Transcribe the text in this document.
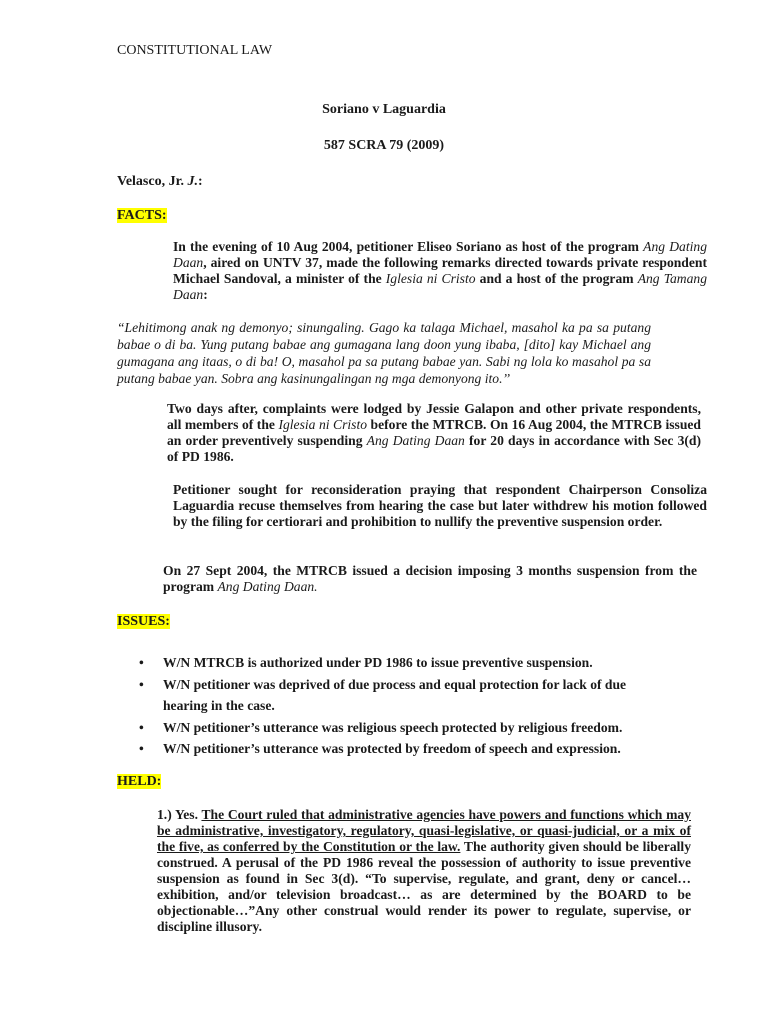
CONSTITUTIONAL LAW
Soriano v Laguardia
587 SCRA 79 (2009)
Velasco, Jr. J.:
FACTS:
In the evening of 10 Aug 2004, petitioner Eliseo Soriano as host of the program Ang Dating Daan, aired on UNTV 37, made the following remarks directed towards private respondent Michael Sandoval, a minister of the Iglesia ni Cristo and a host of the program Ang Tamang Daan:
“Lehitimong anak ng demonyo; sinungaling. Gago ka talaga Michael, masahol ka pa sa putang babae o di ba. Yung putang babae ang gumagana lang doon yung ibaba, [dito] kay Michael ang gumagana ang itaas, o di ba! O, masahol pa sa putang babae yan. Sabi ng lola ko masahol pa sa putang babae yan. Sobra ang kasinungalingan ng mga demonyong ito.’’
Two days after, complaints were lodged by Jessie Galapon and other private respondents, all members of the Iglesia ni Cristo before the MTRCB. On 16 Aug 2004, the MTRCB issued an order preventively suspending Ang Dating Daan for 20 days in accordance with Sec 3(d) of PD 1986.
Petitioner sought for reconsideration praying that respondent Chairperson Consoliza Laguardia recuse themselves from hearing the case but later withdrew his motion followed by the filing for certiorari and prohibition to nullify the preventive suspension order.
On 27 Sept 2004, the MTRCB issued a decision imposing 3 months suspension from the program Ang Dating Daan.
ISSUES:
• W/N MTRCB is authorized under PD 1986 to issue preventive suspension.
• W/N petitioner was deprived of due process and equal protection for lack of due hearing in the case.
• W/N petitioner’s utterance was religious speech protected by religious freedom.
• W/N petitioner’s utterance was protected by freedom of speech and expression.
HELD:
1.) Yes. The Court ruled that administrative agencies have powers and functions which may be administrative, investigatory, regulatory, quasi-legislative, or quasi-judicial, or a mix of the five, as conferred by the Constitution or the law. The authority given should be liberally construed. A perusal of the PD 1986 reveal the possession of authority to issue preventive suspension as found in Sec 3(d). “To supervise, regulate, and grant, deny or cancel… exhibition, and/or television broadcast… as are determined by the BOARD to be objectionable…”Any other construal would render its power to regulate, supervise, or discipline illusory.
